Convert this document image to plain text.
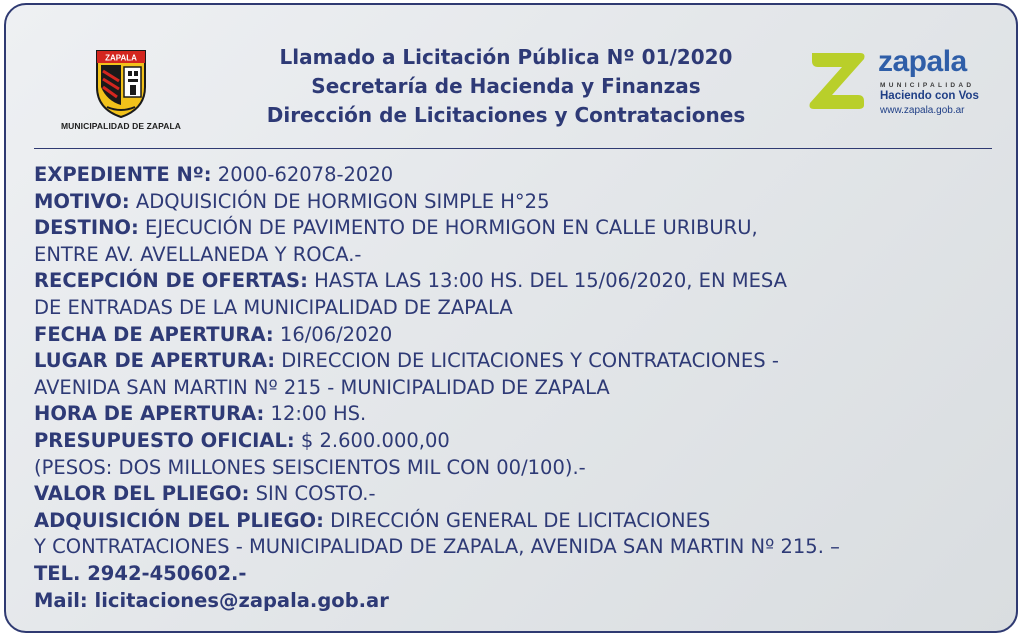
ZAPALA
MUNICIPALIDAD DE ZAPALA
Llamado a Licitación Pública Nº 01/2020
Secretaría de Hacienda y Finanzas
Dirección de Licitaciones y Contrataciones
zapala
MUNICIPALIDAD
Haciendo con Vos
www.zapala.gob.ar
EXPEDIENTE Nº: 2000-62078-2020
MOTIVO: ADQUISICIÓN DE HORMIGON SIMPLE H°25
DESTINO: EJECUCIÓN DE PAVIMENTO DE HORMIGON EN CALLE URIBURU,
ENTRE AV. AVELLANEDA Y ROCA.-
RECEPCIÓN DE OFERTAS: HASTA LAS 13:00 HS. DEL 15/06/2020, EN MESA
DE ENTRADAS DE LA MUNICIPALIDAD DE ZAPALA
FECHA DE APERTURA: 16/06/2020
LUGAR DE APERTURA: DIRECCION DE LICITACIONES Y CONTRATACIONES -
AVENIDA SAN MARTIN Nº 215 - MUNICIPALIDAD DE ZAPALA
HORA DE APERTURA: 12:00 HS.
PRESUPUESTO OFICIAL: $ 2.600.000,00
(PESOS: DOS MILLONES SEISCIENTOS MIL CON 00/100).-
VALOR DEL PLIEGO: SIN COSTO.-
ADQUISICIÓN DEL PLIEGO: DIRECCIÓN GENERAL DE LICITACIONES
Y CONTRATACIONES - MUNICIPALIDAD DE ZAPALA, AVENIDA SAN MARTIN Nº 215. –
TEL. 2942-450602.-
Mail: licitaciones@zapala.gob.ar
